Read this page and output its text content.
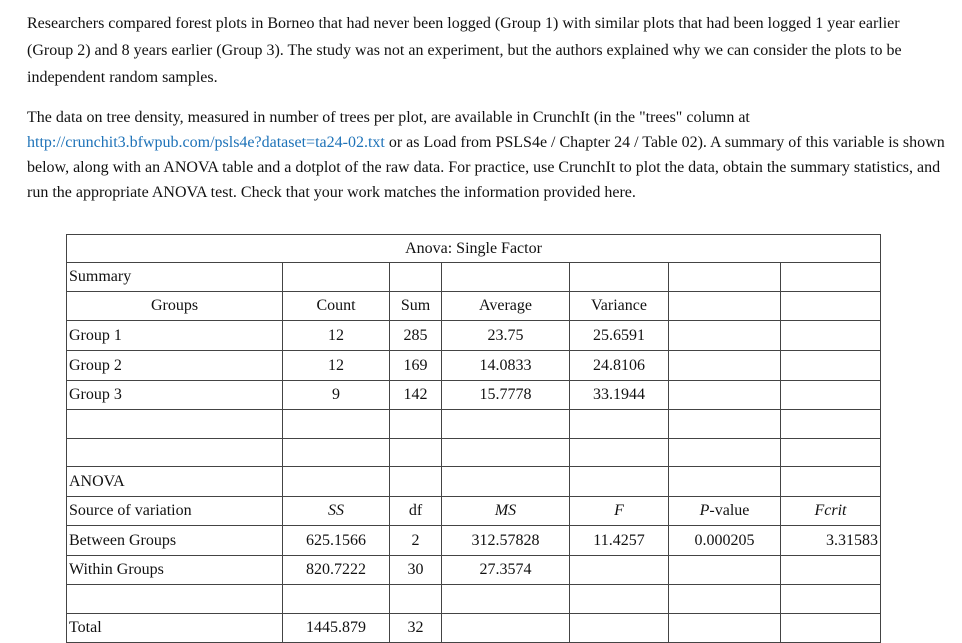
Researchers compared forest plots in Borneo that had never been logged (Group 1) with similar plots that had been logged 1 year earlier (Group 2) and 8 years earlier (Group 3). The study was not an experiment, but the authors explained why we can consider the plots to be independent random samples.

The data on tree density, measured in number of trees per plot, are available in CrunchIt (in the "trees" column at http://crunchit3.bfwpub.com/psls4e?dataset=ta24-02.txt or as Load from PSLS4e / Chapter 24 / Table 02). A summary of this variable is shown below, along with an ANOVA table and a dotplot of the raw data. For practice, use CrunchIt to plot the data, obtain the summary statistics, and run the appropriate ANOVA test. Check that your work matches the information provided here.

Anova: Single Factor						
Summary						
Groups	Count	Sum	Average	Variance		
Group 1	12	285	23.75	25.6591		
Group 2	12	169	14.0833	24.8106		
Group 3	9	142	15.7778	33.1944		

ANOVA						
Source of variation	SS	df	MS	F	P-value	Fcrit
Between Groups	625.1566	2	312.57828	11.4257	0.000205	3.31583
Within Groups	820.7222	30	27.3574			

Total	1445.879	32				
